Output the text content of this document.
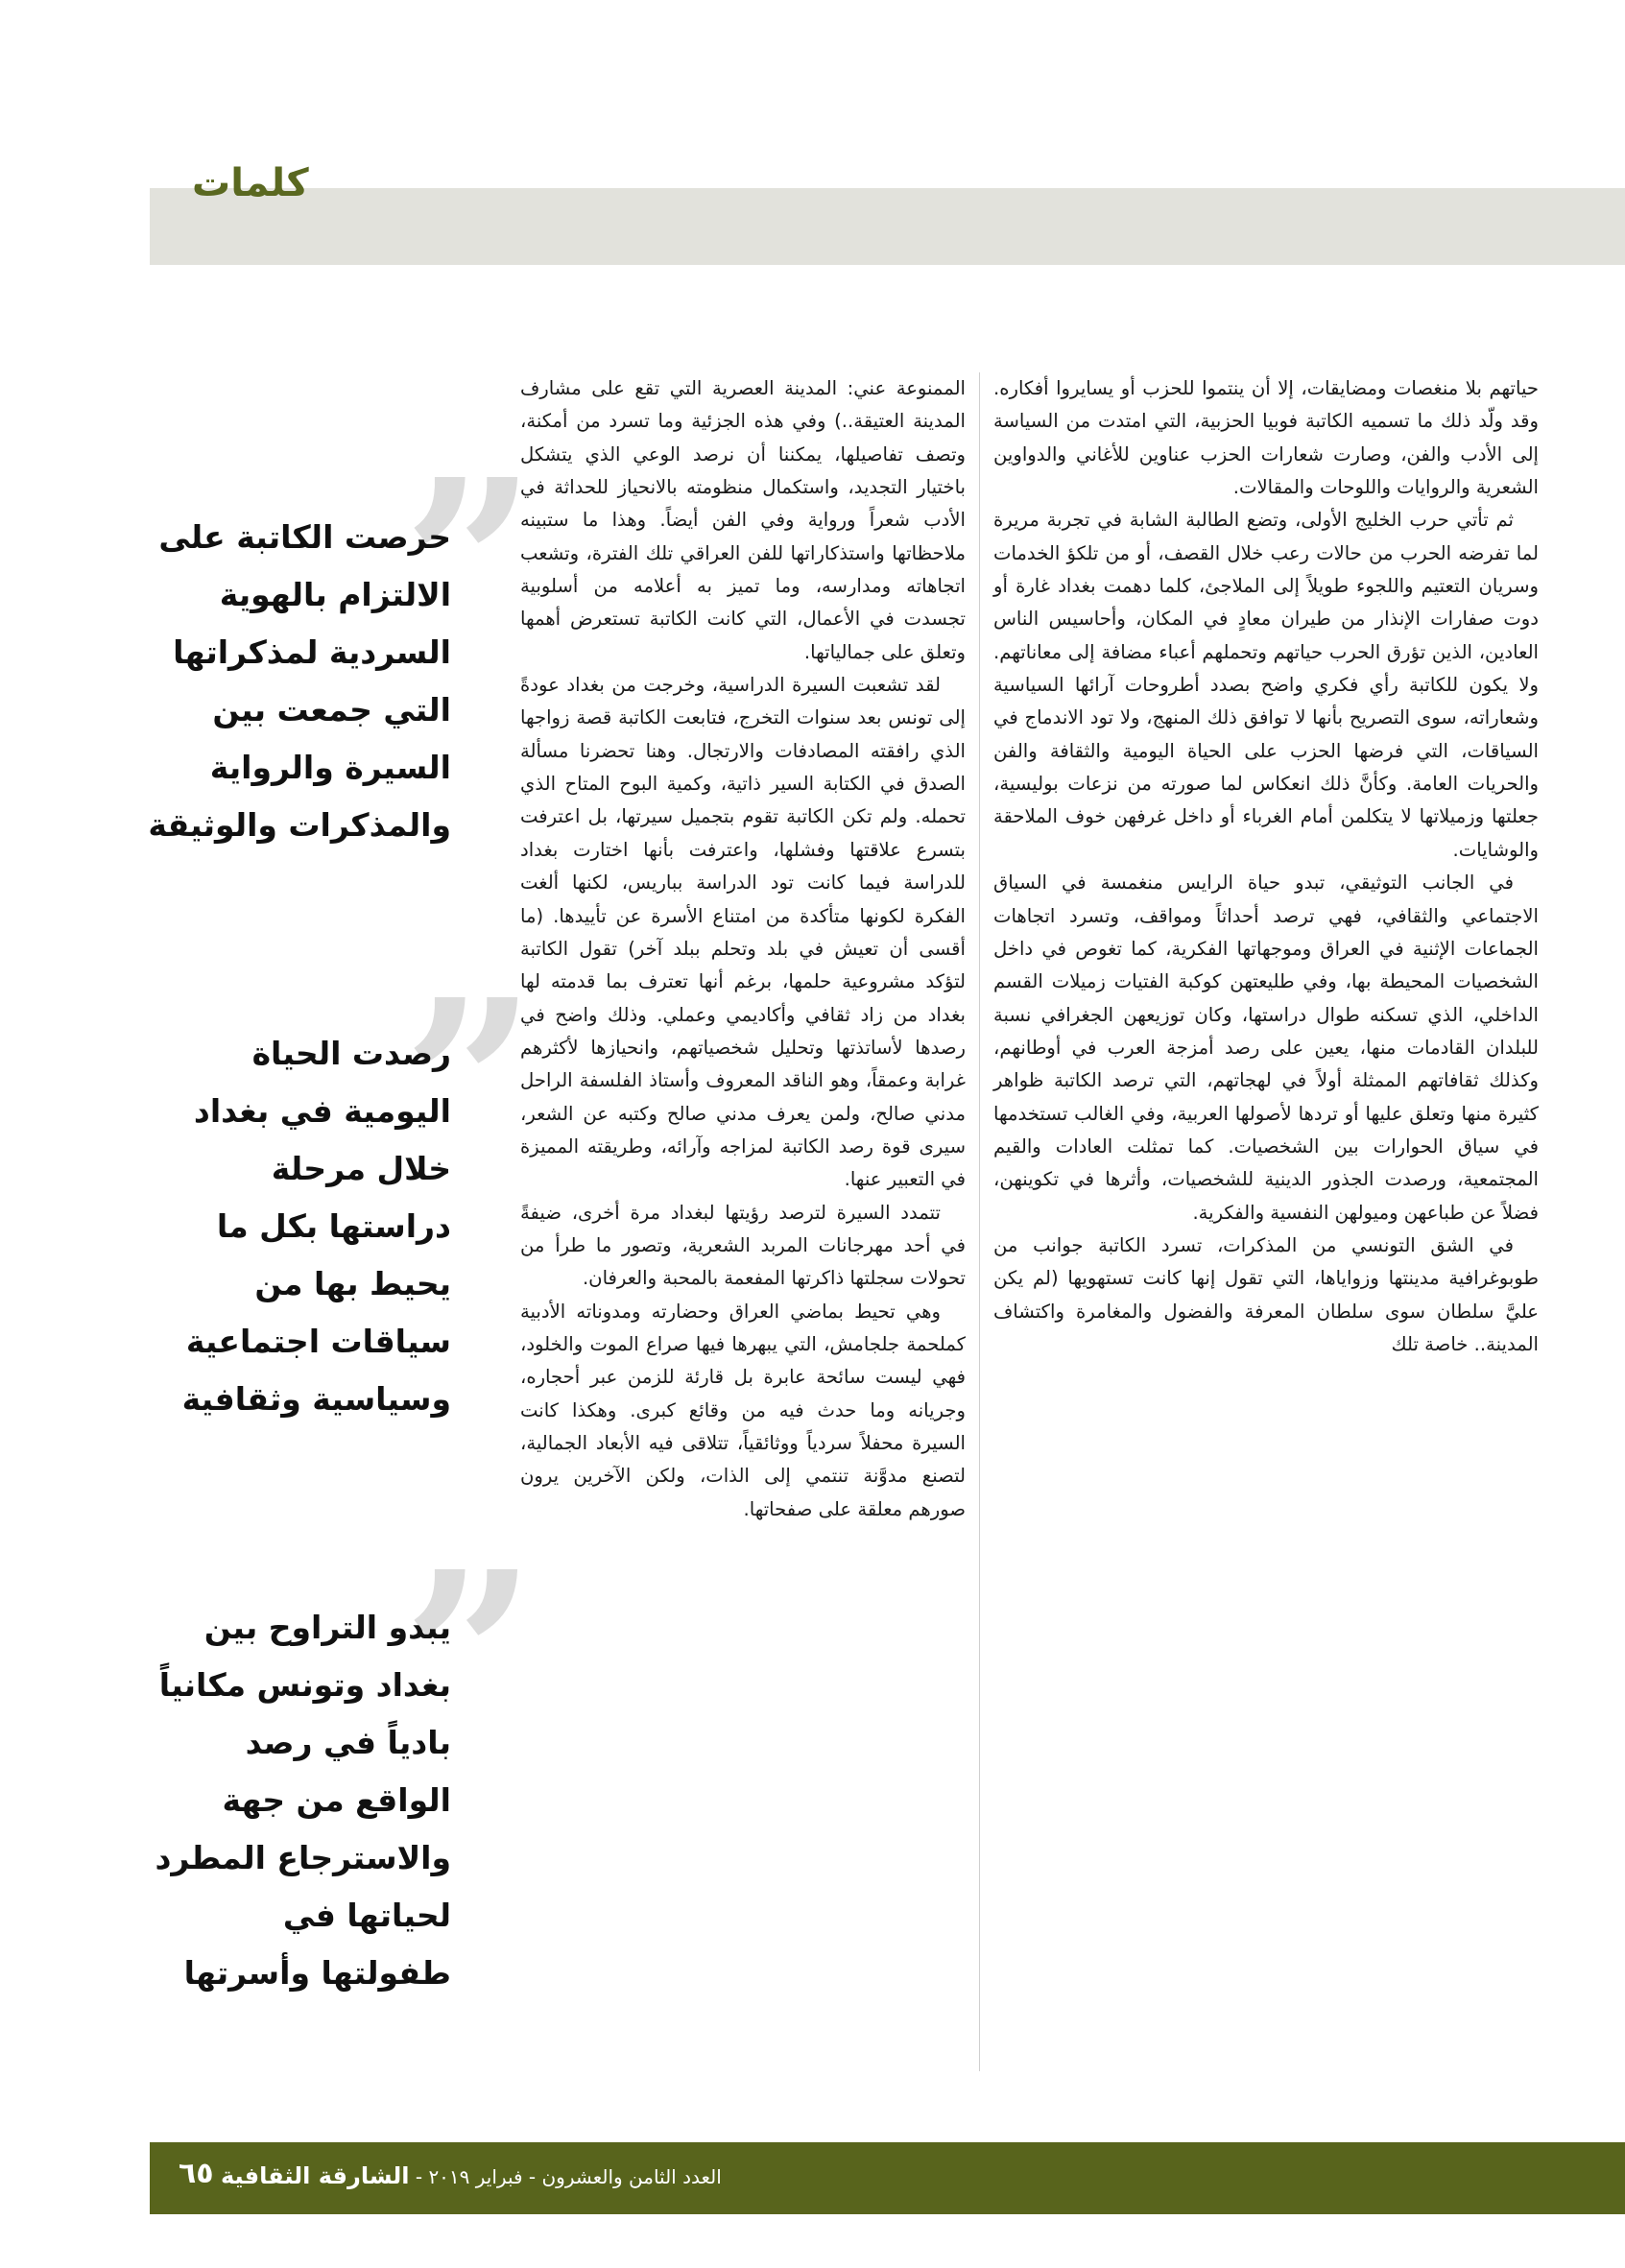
كلمات

حياتهم بلا منغصات ومضايقات، إلا أن ينتموا للحزب أو يسايروا أفكاره. وقد ولّد ذلك ما تسميه الكاتبة فوبيا الحزبية، التي امتدت من السياسة إلى الأدب والفن، وصارت شعارات الحزب عناوين للأغاني والدواوين الشعرية والروايات واللوحات والمقالات.

ثم تأتي حرب الخليج الأولى، وتضع الطالبة الشابة في تجربة مريرة لما تفرضه الحرب من حالات رعب خلال القصف، أو من تلكؤ الخدمات وسريان التعتيم واللجوء طويلاً إلى الملاجئ، كلما دهمت بغداد غارة أو دوت صفارات الإنذار من طيران معادٍ في المكان، وأحاسيس الناس العادين، الذين تؤرق الحرب حياتهم وتحملهم أعباء مضافة إلى معاناتهم. ولا يكون للكاتبة رأي فكري واضح بصدد أطروحات آرائها السياسية وشعاراته، سوى التصريح بأنها لا توافق ذلك المنهج، ولا تود الاندماج في السياقات، التي فرضها الحزب على الحياة اليومية والثقافة والفن والحريات العامة. وكأنَّ ذلك انعكاس لما صورته من نزعات بوليسية، جعلتها وزميلاتها لا يتكلمن أمام الغرباء أو داخل غرفهن خوف الملاحقة والوشايات.

في الجانب التوثيقي، تبدو حياة الرايس منغمسة في السياق الاجتماعي والثقافي، فهي ترصد أحداثاً ومواقف، وتسرد اتجاهات الجماعات الإثنية في العراق وموجهاتها الفكرية، كما تغوص في داخل الشخصيات المحيطة بها، وفي طليعتهن كوكبة الفتيات زميلات القسم الداخلي، الذي تسكنه طوال دراستها، وكان توزيعهن الجغرافي نسبة للبلدان القادمات منها، يعين على رصد أمزجة العرب في أوطانهم، وكذلك ثقافاتهم الممثلة أولاً في لهجاتهم، التي ترصد الكاتبة ظواهر كثيرة منها وتعلق عليها أو تردها لأصولها العربية، وفي الغالب تستخدمها في سياق الحوارات بين الشخصيات. كما تمثلت العادات والقيم المجتمعية، ورصدت الجذور الدينية للشخصيات، وأثرها في تكوينهن، فضلاً عن طباعهن وميولهن النفسية والفكرية.

في الشق التونسي من المذكرات، تسرد الكاتبة جوانب من طوبوغرافية مدينتها وزواياها، التي تقول إنها كانت تستهويها (لم يكن عليَّ سلطان سوى سلطان المعرفة والفضول والمغامرة واكتشاف المدينة.. خاصة تلك

الممنوعة عني: المدينة العصرية التي تقع على مشارف المدينة العتيقة..) وفي هذه الجزئية وما تسرد من أمكنة، وتصف تفاصيلها، يمكننا أن نرصد الوعي الذي يتشكل باختيار التجديد، واستكمال منظومته بالانحياز للحداثة في الأدب شعراً ورواية وفي الفن أيضاً. وهذا ما ستبينه ملاحظاتها واستذكاراتها للفن العراقي تلك الفترة، وتشعب اتجاهاته ومدارسه، وما تميز به أعلامه من أسلوبية تجسدت في الأعمال، التي كانت الكاتبة تستعرض أهمها وتعلق على جمالياتها.

لقد تشعبت السيرة الدراسية، وخرجت من بغداد عودةً إلى تونس بعد سنوات التخرج، فتابعت الكاتبة قصة زواجها الذي رافقته المصادفات والارتجال. وهنا تحضرنا مسألة الصدق في الكتابة السير ذاتية، وكمية البوح المتاح الذي تحمله. ولم تكن الكاتبة تقوم بتجميل سيرتها، بل اعترفت بتسرع علاقتها وفشلها، واعترفت بأنها اختارت بغداد للدراسة فيما كانت تود الدراسة بباريس، لكنها ألغت الفكرة لكونها متأكدة من امتناع الأسرة عن تأييدها. (ما أقسى أن تعيش في بلد وتحلم ببلد آخر) تقول الكاتبة لتؤكد مشروعية حلمها، برغم أنها تعترف بما قدمته لها بغداد من زاد ثقافي وأكاديمي وعملي. وذلك واضح في رصدها لأساتذتها وتحليل شخصياتهم، وانحيازها لأكثرهم غرابة وعمقاً، وهو الناقد المعروف وأستاذ الفلسفة الراحل مدني صالح، ولمن يعرف مدني صالح وكتبه عن الشعر، سيرى قوة رصد الكاتبة لمزاجه وآرائه، وطريقته المميزة في التعبير عنها.

تتمدد السيرة لترصد رؤيتها لبغداد مرة أخرى، ضيفةً في أحد مهرجانات المربد الشعرية، وتصور ما طرأ من تحولات سجلتها ذاكرتها المفعمة بالمحبة والعرفان.

وهي تحيط بماضي العراق وحضارته ومدوناته الأدبية كملحمة جلجامش، التي يبهرها فيها صراع الموت والخلود، فهي ليست سائحة عابرة بل قارئة للزمن عبر أحجاره، وجريانه وما حدث فيه من وقائع كبرى. وهكذا كانت السيرة محفلاً سردياً ووثائقياً، تتلاقى فيه الأبعاد الجمالية، لتصنع مدوَّنة تنتمي إلى الذات، ولكن الآخرين يرون صورهم معلقة على صفحاتها.

”
حرصت الكاتبة على الالتزام بالهوية السردية لمذكراتها التي جمعت بين السيرة والرواية والمذكرات والوثيقة
”
رصدت الحياة اليومية في بغداد خلال مرحلة دراستها بكل ما يحيط بها من سياقات اجتماعية وسياسية وثقافية
”
يبدو التراوح بين بغداد وتونس مكانياً بادياً في رصد الواقع من جهة والاسترجاع المطرد لحياتها في طفولتها وأسرتها
٦٥	العدد الثامن والعشرون - فبراير ٢٠١٩ - الشارقة الثقافية
